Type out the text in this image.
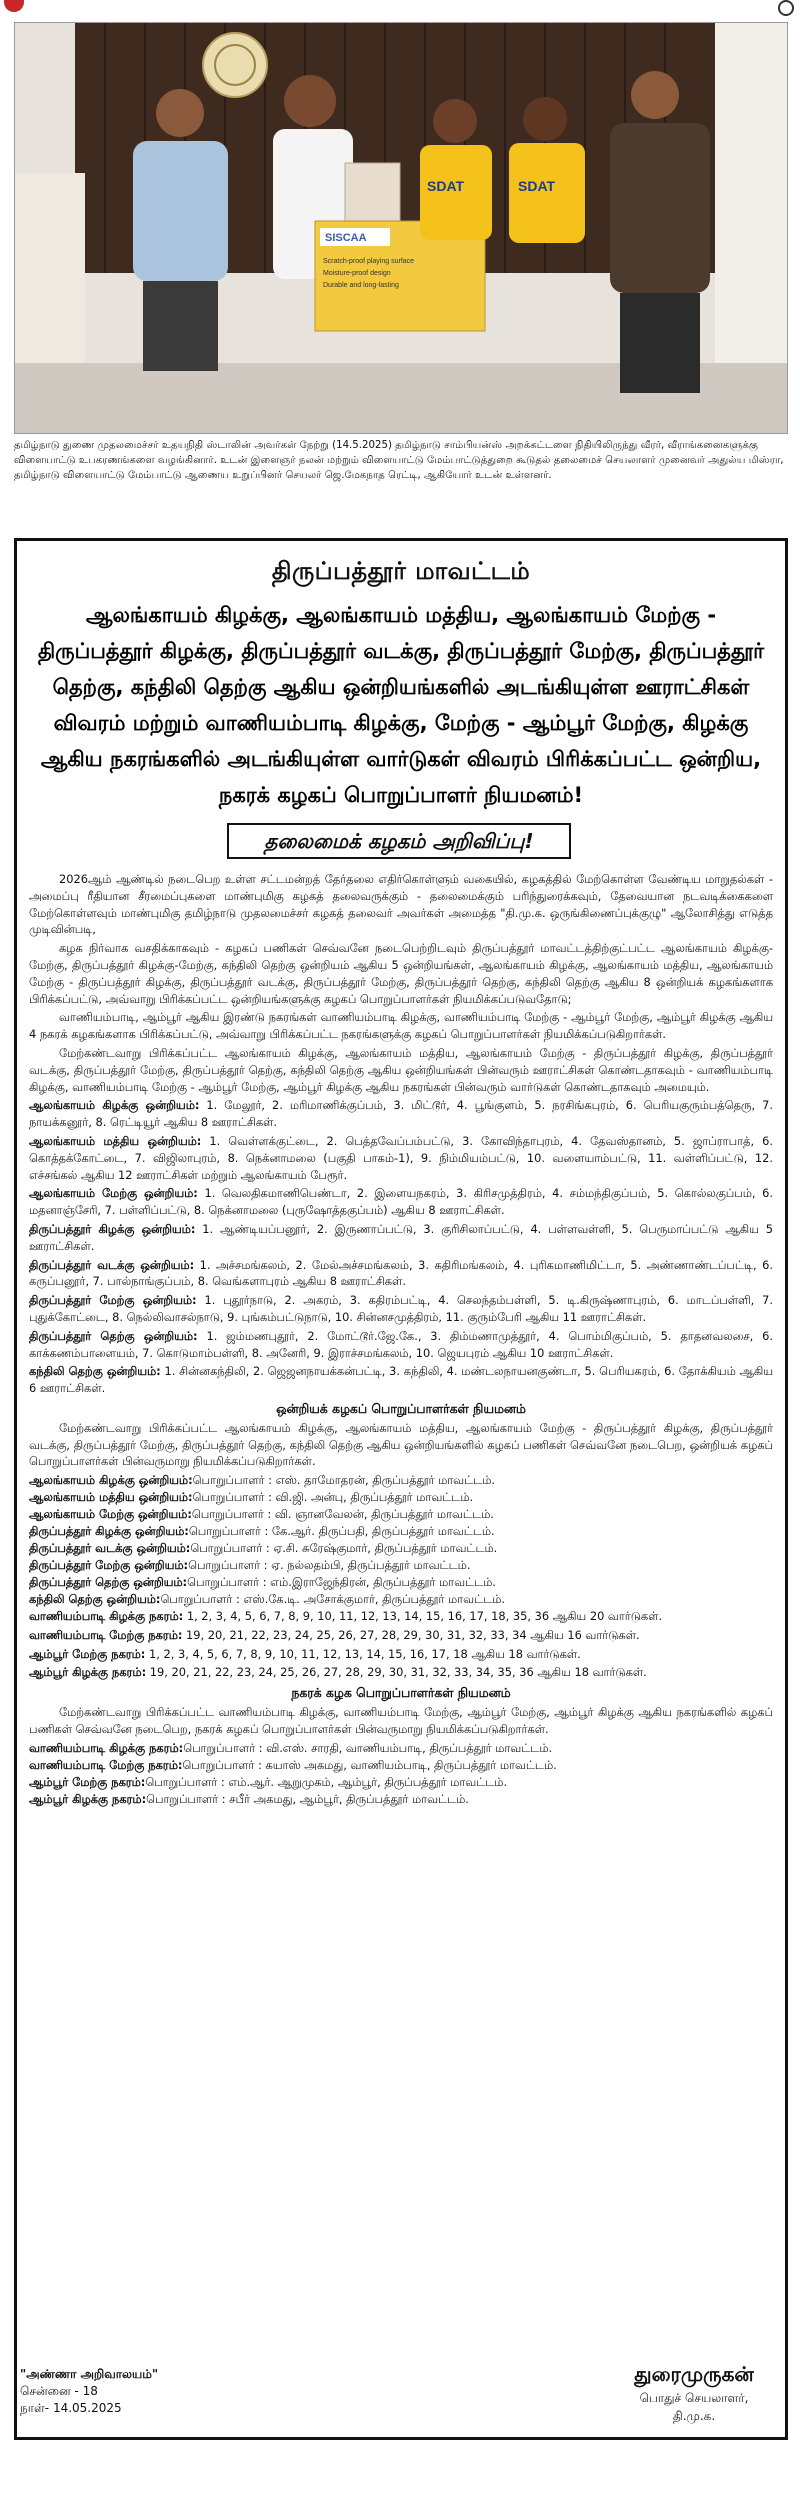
SISCAA
Scratch-proof playing surface
Moisture-proof design
Durable and long-lasting
SDAT	SDAT
தமிழ்நாடு துணை முதலமைச்சர் உதயநிதி ஸ்டாலின் அவர்கள் நேற்று (14.5.2025) தமிழ்நாடு சாம்பியன்ஸ் அறக்கட்டளை நிதியிலிருந்து வீரர், வீராங்கனைகளுக்கு விளையாட்டு உபகரணங்களை வழங்கினார். உடன் இளைஞர் நலன் மற்றும் விளையாட்டு மேம்பாட்டுத்துறை கூடுதல் தலைமைச் செயலாளர் முனைவர் அதுல்ய மிஸ்ரா, தமிழ்நாடு விளையாட்டு மேம்பாட்டு ஆணைய உறுப்பினர் செயலர் ஜெ.மேகநாத ரெட்டி, ஆகியோர் உடன் உள்ளனர்.
திருப்பத்தூர் மாவட்டம்
ஆலங்காயம் கிழக்கு, ஆலங்காயம் மத்திய, ஆலங்காயம் மேற்கு - திருப்பத்தூர் கிழக்கு, திருப்பத்தூர் வடக்கு, திருப்பத்தூர் மேற்கு, திருப்பத்தூர் தெற்கு, கந்திலி தெற்கு ஆகிய ஒன்றியங்களில் அடங்கியுள்ள ஊராட்சிகள் விவரம் மற்றும் வாணியம்பாடி கிழக்கு, மேற்கு - ஆம்பூர் மேற்கு, கிழக்கு ஆகிய நகரங்களில் அடங்கியுள்ள வார்டுகள் விவரம் பிரிக்கப்பட்ட ஒன்றிய, நகரக் கழகப் பொறுப்பாளர் நியமனம்!
தலைமைக் கழகம் அறிவிப்பு!

2026ஆம் ஆண்டில் நடைபெற உள்ள சட்டமன்றத் தேர்தலை எதிர்கொள்ளும் வகையில், கழகத்தில் மேற்கொள்ள வேண்டிய மாறுதல்கள் - அமைப்பு ரீதியான சீரமைப்புகளை மாண்புமிகு கழகத் தலைவருக்கும் - தலைமைக்கும் பரிந்துரைக்கவும், தேவையான நடவடிக்கைகளை மேற்கொள்ளவும் மாண்புமிகு தமிழ்நாடு முதலமைச்சர் கழகத் தலைவர் அவர்கள் அமைத்த "தி.மு.க. ஒருங்கிணைப்புக்குழு" ஆலோசித்து எடுத்த முடிவின்படி,

கழக நிர்வாக வசதிக்காகவும் - கழகப் பணிகள் செவ்வனே நடைபெற்றிடவும் திருப்பத்தூர் மாவட்டத்திற்குட்பட்ட ஆலங்காயம் கிழக்கு-மேற்கு, திருப்பத்தூர் கிழக்கு-மேற்கு, கந்திலி தெற்கு ஒன்றியம் ஆகிய 5 ஒன்றியங்கள், ஆலங்காயம் கிழக்கு, ஆலங்காயம் மத்திய, ஆலங்காயம் மேற்கு - திருப்பத்தூர் கிழக்கு, திருப்பத்தூர் வடக்கு, திருப்பத்தூர் மேற்கு, திருப்பத்தூர் தெற்கு, கந்திலி தெற்கு ஆகிய 8 ஒன்றியக் கழகங்களாக பிரிக்கப்பட்டு, அவ்வாறு பிரிக்கப்பட்ட ஒன்றியங்களுக்கு கழகப் பொறுப்பாளர்கள் நியமிக்கப்படுவதோடு;

வாணியம்பாடி, ஆம்பூர் ஆகிய இரண்டு நகரங்கள் வாணியம்பாடி கிழக்கு, வாணியம்பாடி மேற்கு - ஆம்பூர் மேற்கு, ஆம்பூர் கிழக்கு ஆகிய 4 நகரக் கழகங்களாக பிரிக்கப்பட்டு, அவ்வாறு பிரிக்கப்பட்ட நகரங்களுக்கு கழகப் பொறுப்பாளர்கள் நியமிக்கப்படுகிறார்கள்.

மேற்கண்டவாறு பிரிக்கப்பட்ட ஆலங்காயம் கிழக்கு, ஆலங்காயம் மத்திய, ஆலங்காயம் மேற்கு - திருப்பத்தூர் கிழக்கு, திருப்பத்தூர் வடக்கு, திருப்பத்தூர் மேற்கு, திருப்பத்தூர் தெற்கு, கந்திலி தெற்கு ஆகிய ஒன்றியங்கள் பின்வரும் ஊராட்சிகள் கொண்டதாகவும் - வாணியம்பாடி கிழக்கு, வாணியம்பாடி மேற்கு - ஆம்பூர் மேற்கு, ஆம்பூர் கிழக்கு ஆகிய நகரங்கள் பின்வரும் வார்டுகள் கொண்டதாகவும் அமையும்.

ஆலங்காயம் கிழக்கு ஒன்றியம்: 1. மேலூர், 2. மரிமாணிக்குப்பம், 3. மிட்டூர், 4. பூங்குளம், 5. நரசிங்கபுரம், 6. பெரியகுரும்பத்தெரு, 7. நாயக்கனூர், 8. ரெட்டியூர் ஆகிய 8 ஊராட்சிகள்.

ஆலங்காயம் மத்திய ஒன்றியம்: 1. வெள்ளக்குட்டை, 2. பெத்தவேப்பம்பட்டு, 3. கோவிந்தாபுரம், 4. தேவஸ்தானம், 5. ஜாப்ராபாத், 6. கொத்தக்கோட்டை, 7. விஜிலாபுரம், 8. நெக்னாமலை (பகுதி பாகம்-1), 9. நிம்மியம்பட்டு, 10. வளையாம்பட்டு, 11. வள்ளிப்பட்டு, 12. எச்சங்கல் ஆகிய 12 ஊராட்சிகள் மற்றும் ஆலங்காயம் பேரூர்.

ஆலங்காயம் மேற்கு ஒன்றியம்: 1. வெலதிகமாணிபெண்டா, 2. இளையநகரம், 3. கிரிசமுத்திரம், 4. சம்மந்திகுப்பம், 5. கொல்லகுப்பம், 6. மதனாஞ்சேரி, 7. பள்ளிப்பட்டு, 8. நெக்னாமலை (புருஷோத்தகுப்பம்) ஆகிய 8 ஊராட்சிகள்.

திருப்பத்தூர் கிழக்கு ஒன்றியம்: 1. ஆண்டியப்பனூர், 2. இருணாப்பட்டு, 3. குரிசிலாப்பட்டு, 4. பள்ளவள்ளி, 5. பெருமாப்பட்டு ஆகிய 5 ஊராட்சிகள்.

திருப்பத்தூர் வடக்கு ஒன்றியம்: 1. அச்சமங்கலம், 2. மேல்அச்சமங்கலம், 3. கதிரிமங்கலம், 4. புரிகமாணிமிட்டா, 5. அண்ணாண்டப்பட்டி, 6. கருப்பனூர், 7. பால்நாங்குப்பம், 8. வெங்களாபுரம் ஆகிய 8 ஊராட்சிகள்.

திருப்பத்தூர் மேற்கு ஒன்றியம்: 1. புதூர்நாடு, 2. அகரம், 3. கதிரம்பட்டி, 4. செலந்தம்பள்ளி, 5. டி.கிருஷ்ணாபுரம், 6. மாடப்பள்ளி, 7. புதுக்கோட்டை, 8. நெல்லிவாசல்நாடு, 9. புங்கம்பட்டுநாடு, 10. சின்னசமுத்திரம், 11. குரும்பேரி ஆகிய 11 ஊராட்சிகள்.

திருப்பத்தூர் தெற்கு ஒன்றியம்: 1. ஜம்மணபுதூர், 2. மோட்டூர்.ஜே.கே., 3. திம்மணாமுத்தூர், 4. பொம்மிகுப்பம், 5. தாதனவலசை, 6. காக்கணம்பாளையம், 7. கொடுமாம்பள்ளி, 8. அனேரி, 9. இராச்சமங்கலம், 10. ஜெயபுரம் ஆகிய 10 ஊராட்சிகள்.

கந்திலி தெற்கு ஒன்றியம்: 1. சின்னகந்திலி, 2. ஜெஜனநாயக்கன்பட்டி, 3. கந்திலி, 4. மண்டலநாயனகுண்டா, 5. பெரியகரம், 6. தோக்கியம் ஆகிய 6 ஊராட்சிகள்.

ஒன்றியக் கழகப் பொறுப்பாளர்கள் நியமனம்

மேற்கண்டவாறு பிரிக்கப்பட்ட ஆலங்காயம் கிழக்கு, ஆலங்காயம் மத்திய, ஆலங்காயம் மேற்கு - திருப்பத்தூர் கிழக்கு, திருப்பத்தூர் வடக்கு, திருப்பத்தூர் மேற்கு, திருப்பத்தூர் தெற்கு, கந்திலி தெற்கு ஆகிய ஒன்றியங்களில் கழகப் பணிகள் செவ்வனே நடைபெற, ஒன்றியக் கழகப் பொறுப்பாளர்கள் பின்வருமாறு நியமிக்கப்படுகிறார்கள்.

ஆலங்காயம் கிழக்கு ஒன்றியம்: பொறுப்பாளர் : எஸ். தாமோதரன், திருப்பத்தூர் மாவட்டம்.
ஆலங்காயம் மத்திய ஒன்றியம்: பொறுப்பாளர் : வி.ஜி. அன்பு, திருப்பத்தூர் மாவட்டம்.
ஆலங்காயம் மேற்கு ஒன்றியம்: பொறுப்பாளர் : வி. ஞானவேலன், திருப்பத்தூர் மாவட்டம்.
திருப்பத்தூர் கிழக்கு ஒன்றியம்: பொறுப்பாளர் : கே.ஆர். திருப்பதி, திருப்பத்தூர் மாவட்டம்.
திருப்பத்தூர் வடக்கு ஒன்றியம்: பொறுப்பாளர் : ஏ.சி. சுரேஷ்குமார், திருப்பத்தூர் மாவட்டம்.
திருப்பத்தூர் மேற்கு ஒன்றியம்: பொறுப்பாளர் : ஏ. நல்லதம்பி, திருப்பத்தூர் மாவட்டம்.
திருப்பத்தூர் தெற்கு ஒன்றியம்: பொறுப்பாளர் : எம்.இராஜேந்திரன், திருப்பத்தூர் மாவட்டம்.
கந்திலி தெற்கு ஒன்றியம்: பொறுப்பாளர் : எஸ்.கே.டி. அசோக்குமார், திருப்பத்தூர் மாவட்டம்.

வாணியம்பாடி கிழக்கு நகரம்: 1, 2, 3, 4, 5, 6, 7, 8, 9, 10, 11, 12, 13, 14, 15, 16, 17, 18, 35, 36 ஆகிய 20 வார்டுகள்.

வாணியம்பாடி மேற்கு நகரம்: 19, 20, 21, 22, 23, 24, 25, 26, 27, 28, 29, 30, 31, 32, 33, 34 ஆகிய 16 வார்டுகள்.

ஆம்பூர் மேற்கு நகரம்: 1, 2, 3, 4, 5, 6, 7, 8, 9, 10, 11, 12, 13, 14, 15, 16, 17, 18 ஆகிய 18 வார்டுகள்.

ஆம்பூர் கிழக்கு நகரம்: 19, 20, 21, 22, 23, 24, 25, 26, 27, 28, 29, 30, 31, 32, 33, 34, 35, 36 ஆகிய 18 வார்டுகள்.

நகரக் கழக பொறுப்பாளர்கள் நியமனம்

மேற்கண்டவாறு பிரிக்கப்பட்ட வாணியம்பாடி கிழக்கு, வாணியம்பாடி மேற்கு, ஆம்பூர் மேற்கு, ஆம்பூர் கிழக்கு ஆகிய நகரங்களில் கழகப் பணிகள் செவ்வனே நடைபெற, நகரக் கழகப் பொறுப்பாளர்கள் பின்வருமாறு நியமிக்கப்படுகிறார்கள்.

வாணியம்பாடி கிழக்கு நகரம்: பொறுப்பாளர் : வி.எஸ். சாரதி, வாணியம்பாடி, திருப்பத்தூர் மாவட்டம்.
வாணியம்பாடி மேற்கு நகரம்: பொறுப்பாளர் : கயாஸ் அகமது, வாணியம்பாடி, திருப்பத்தூர் மாவட்டம்.
ஆம்பூர் மேற்கு நகரம்: பொறுப்பாளர் : எம்.ஆர். ஆறுமுகம், ஆம்பூர், திருப்பத்தூர் மாவட்டம்.
ஆம்பூர் கிழக்கு நகரம்: பொறுப்பாளர் : சபீர் அகமது, ஆம்பூர், திருப்பத்தூர் மாவட்டம்.
"அண்ணா அறிவாலயம்"
சென்னை - 18
நாள்- 14.05.2025
துரைமுருகன்
பொதுச் செயலாளர்,
தி.மு.க.
